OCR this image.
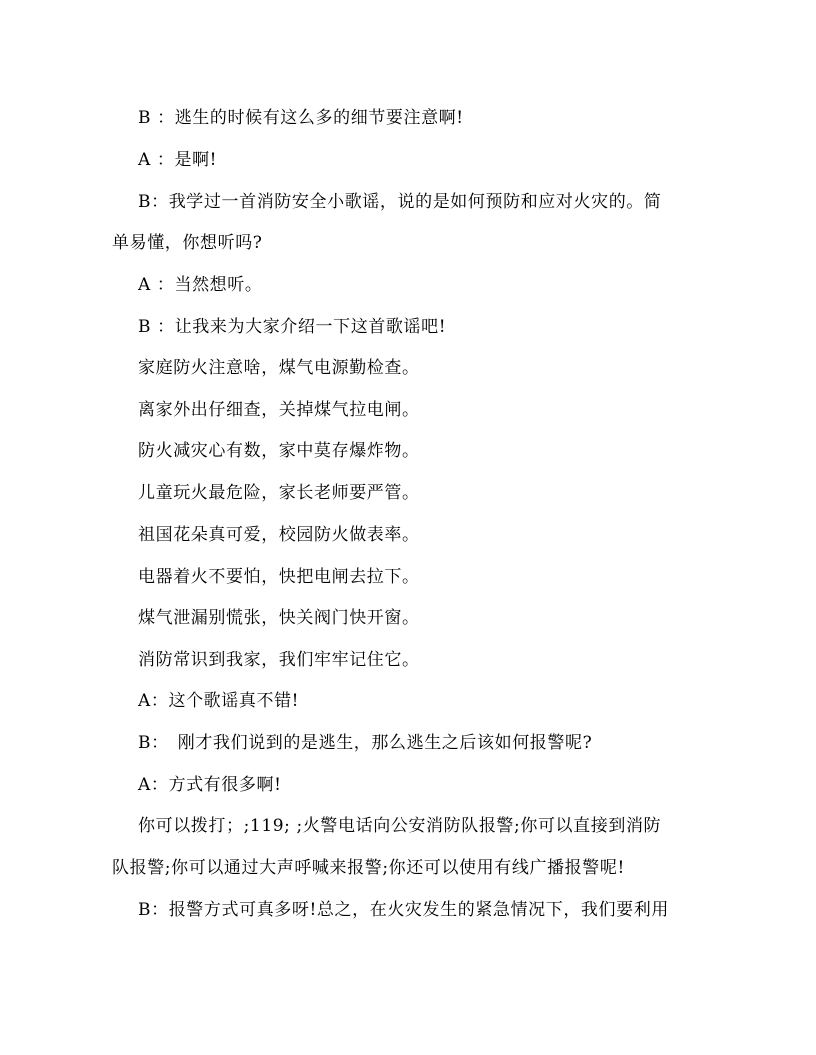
B ：逃生的时候有这么多的细节要注意啊!
A ：是啊!
B：我学过一首消防安全小歌谣，说的是如何预防和应对火灾的。简
单易懂，你想听吗?
A ：当然想听。
B ：让我来为大家介绍一下这首歌谣吧!
家庭防火注意啥，煤气电源勤检查。
离家外出仔细查，关掉煤气拉电闸。
防火减灾心有数，家中莫存爆炸物。
儿童玩火最危险，家长老师要严管。
祖国花朵真可爱，校园防火做表率。
电器着火不要怕，快把电闸去拉下。
煤气泄漏别慌张，快关阀门快开窗。
消防常识到我家，我们牢牢记住它。
A：这个歌谣真不错!
B：　刚才我们说到的是逃生，那么逃生之后该如何报警呢?
A：方式有很多啊!
你可以拨打；;119; ;火警电话向公安消防队报警;你可以直接到消防
队报警;你可以通过大声呼喊来报警;你还可以使用有线广播报警呢!
B：报警方式可真多呀!总之，在火灾发生的紧急情况下，我们要利用
